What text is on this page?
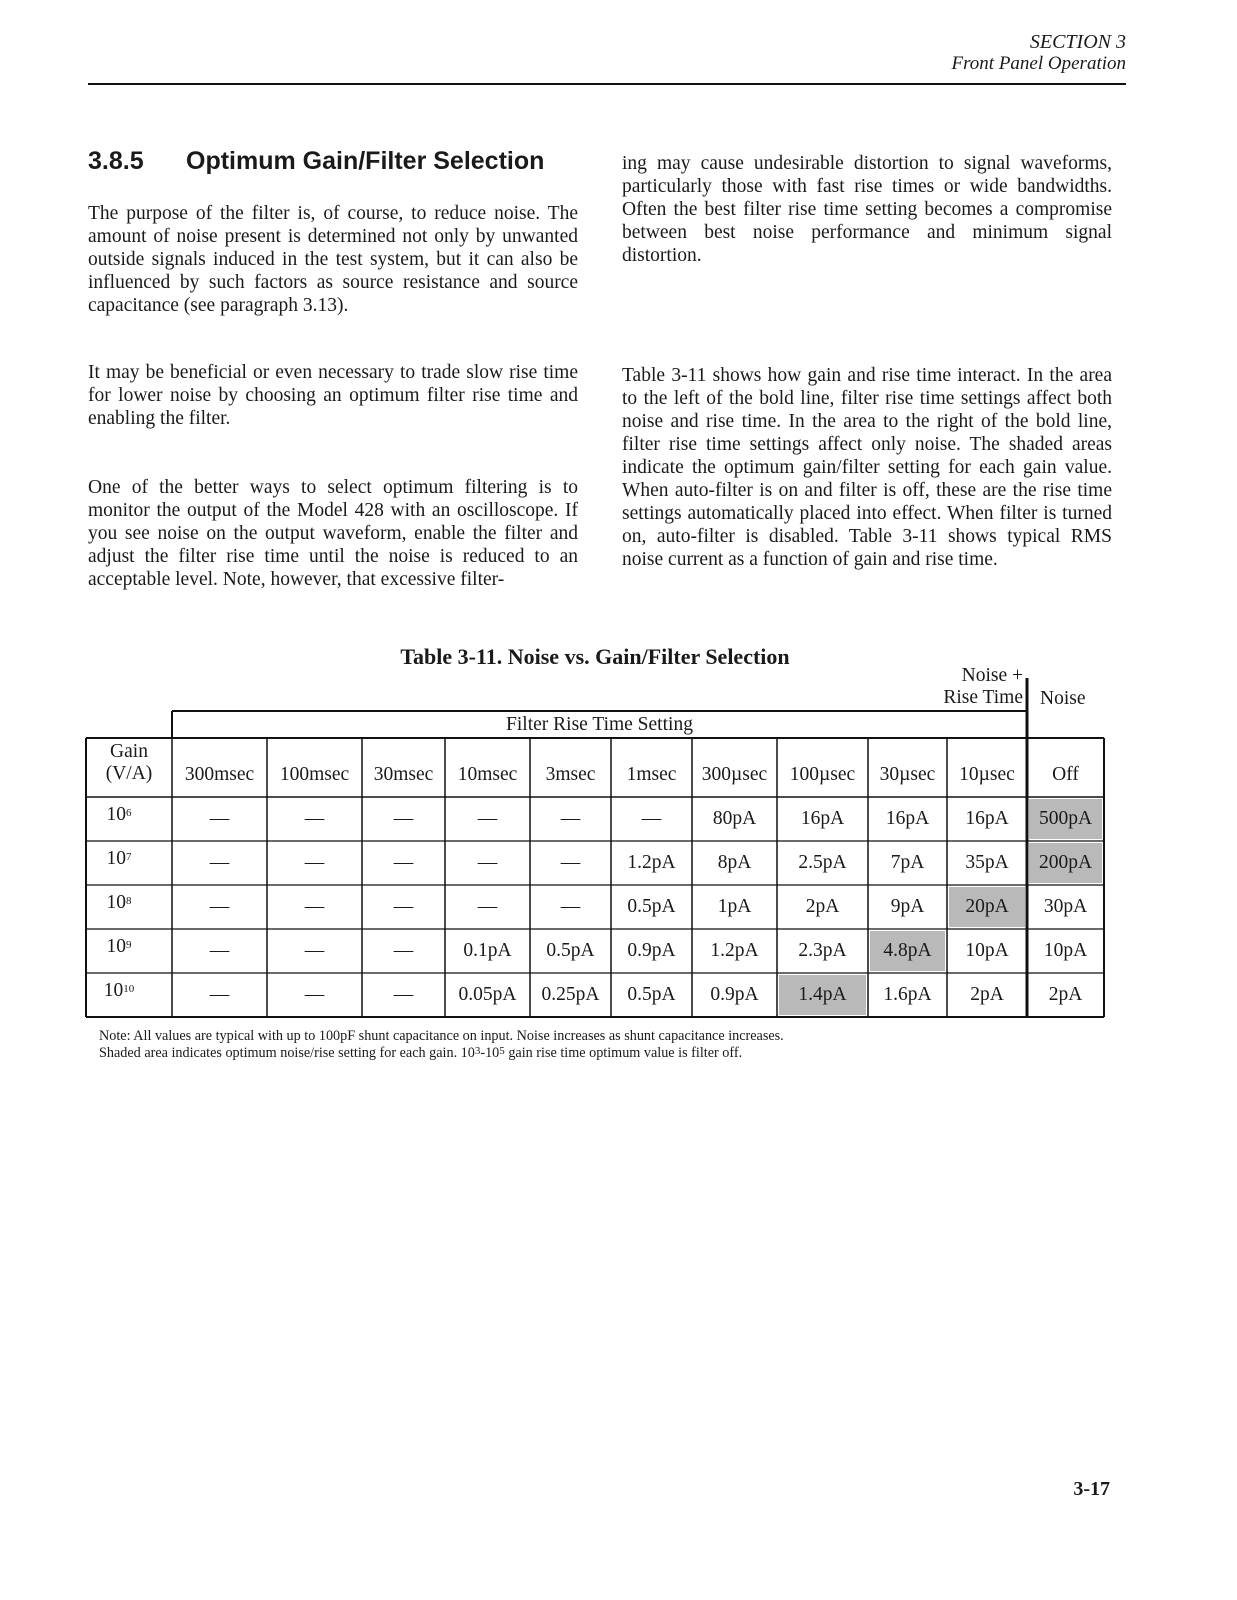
SECTION 3
Front Panel Operation
3.8.5 Optimum Gain/Filter Selection

The purpose of the filter is, of course, to reduce noise. The amount of noise present is determined not only by unwanted outside signals induced in the test system, but it can also be influenced by such factors as source resistance and source capacitance (see paragraph 3.13).

It may be beneficial or even necessary to trade slow rise time for lower noise by choosing an optimum filter rise time and enabling the filter.

One of the better ways to select optimum filtering is to monitor the output of the Model 428 with an oscilloscope. If you see noise on the output waveform, enable the filter and adjust the filter rise time until the noise is reduced to an acceptable level. Note, however, that excessive filter-

ing may cause undesirable distortion to signal waveforms, particularly those with fast rise times or wide bandwidths. Often the best filter rise time setting becomes a compromise between best noise performance and minimum signal distortion.

Table 3-11 shows how gain and rise time interact. In the area to the left of the bold line, filter rise time settings affect both noise and rise time. In the area to the right of the bold line, filter rise time settings affect only noise. The shaded areas indicate the optimum gain/filter setting for each gain value. When auto-filter is on and filter is off, these are the rise time settings automatically placed into effect. When filter is turned on, auto-filter is disabled. Table 3-11 shows typical RMS noise current as a function of gain and rise time.

Table 3-11. Noise vs. Gain/Filter Selection
Noise +
Rise Time Noise
Filter Rise Time Setting
Gain
(V/A)	300msec	100msec	30msec	10msec	3msec	1msec	300µsec	100µsec	30µsec	10µsec	Off
$10^6$	—	—	—	—	—	—	80pA	16pA	16pA	16pA	500pA
$10^7$	—	—	—	—	—	1.2pA	8pA	2.5pA	7pA	35pA	200pA
$10^8$	—	—	—	—	—	0.5pA	1pA	2pA	9pA	20pA	30pA
$10^9$	—	—	—	0.1pA	0.5pA	0.9pA	1.2pA	2.3pA	4.8pA	10pA	10pA
$10^{10}$	—	—	—	0.05pA	0.25pA	0.5pA	0.9pA	1.4pA	1.6pA	2pA	2pA
Note: All values are typical with up to 100pF shunt capacitance on input. Noise increases as shunt capacitance increases.
Shaded area indicates optimum noise/rise setting for each gain. $10^3-10^5$ gain rise time optimum value is filter off.
3-17
